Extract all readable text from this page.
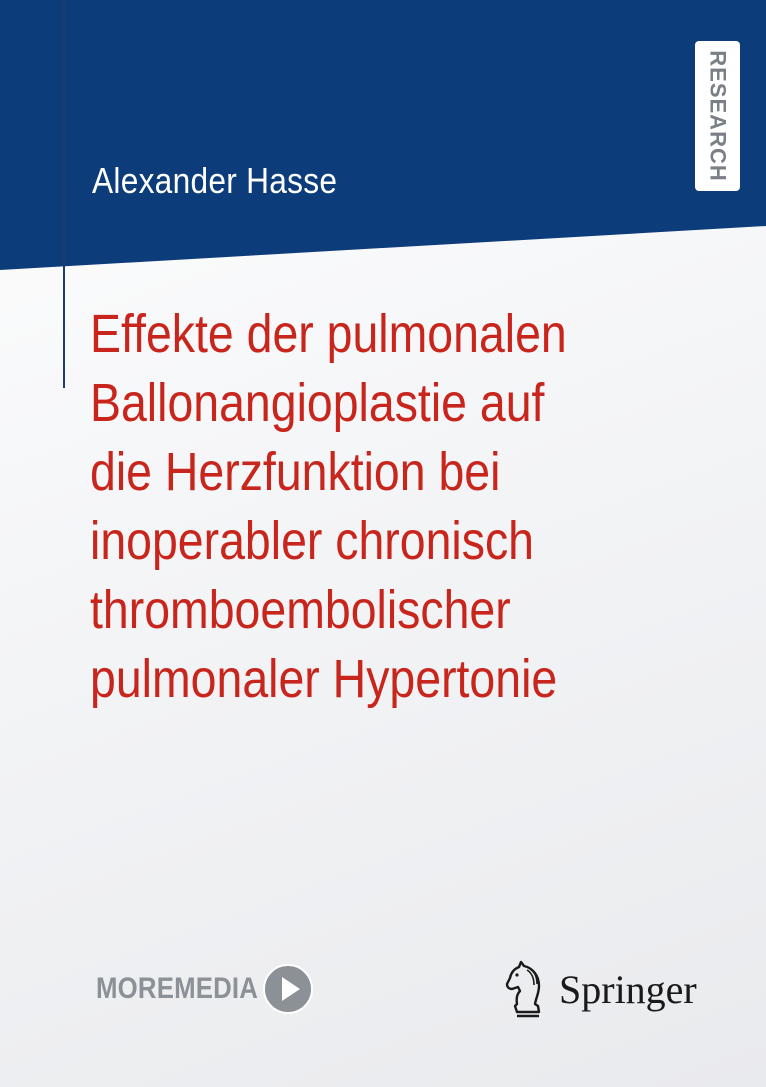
Alexander Hasse	RESEARCH
Effekte der pulmonalen
Ballonangioplastie auf
die Herzfunktion bei
inoperabler chronisch
thromboembolischer
pulmonaler Hypertonie
MOREMEDIA	Springer
